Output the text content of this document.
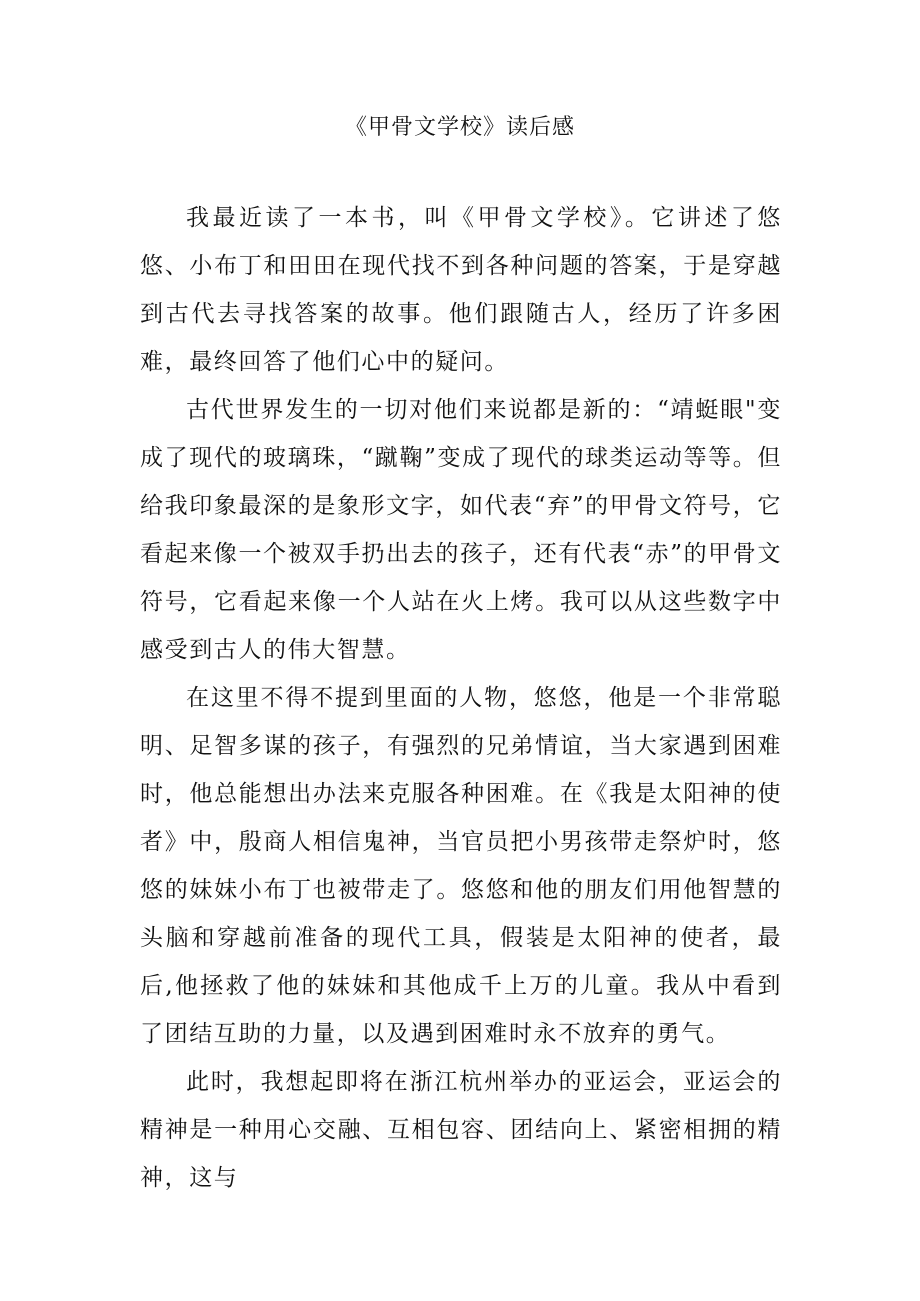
《甲骨文学校》读后感

我最近读了一本书，叫《甲骨文学校》。它讲述了悠悠、小布丁和田田在现代找不到各种问题的答案，于是穿越到古代去寻找答案的故事。他们跟随古人，经历了许多困难，最终回答了他们心中的疑问。

古代世界发生的一切对他们来说都是新的：“靖蜓眼"变成了现代的玻璃珠，“蹴鞠”变成了现代的球类运动等等。但给我印象最深的是象形文字，如代表“弃”的甲骨文符号，它看起来像一个被双手扔出去的孩子，还有代表“赤”的甲骨文符号，它看起来像一个人站在火上烤。我可以从这些数字中感受到古人的伟大智慧。

在这里不得不提到里面的人物，悠悠，他是一个非常聪明、足智多谋的孩子，有强烈的兄弟情谊，当大家遇到困难时，他总能想出办法来克服各种困难。在《我是太阳神的使者》中，殷商人相信鬼神，当官员把小男孩带走祭炉时，悠悠的妹妹小布丁也被带走了。悠悠和他的朋友们用他智慧的头脑和穿越前准备的现代工具，假装是太阳神的使者，最后,他拯救了他的妹妹和其他成千上万的儿童。我从中看到了团结互助的力量，以及遇到困难时永不放弃的勇气。

此时，我想起即将在浙江杭州举办的亚运会，亚运会的精神是一种用心交融、互相包容、团结向上、紧密相拥的精神，这与
